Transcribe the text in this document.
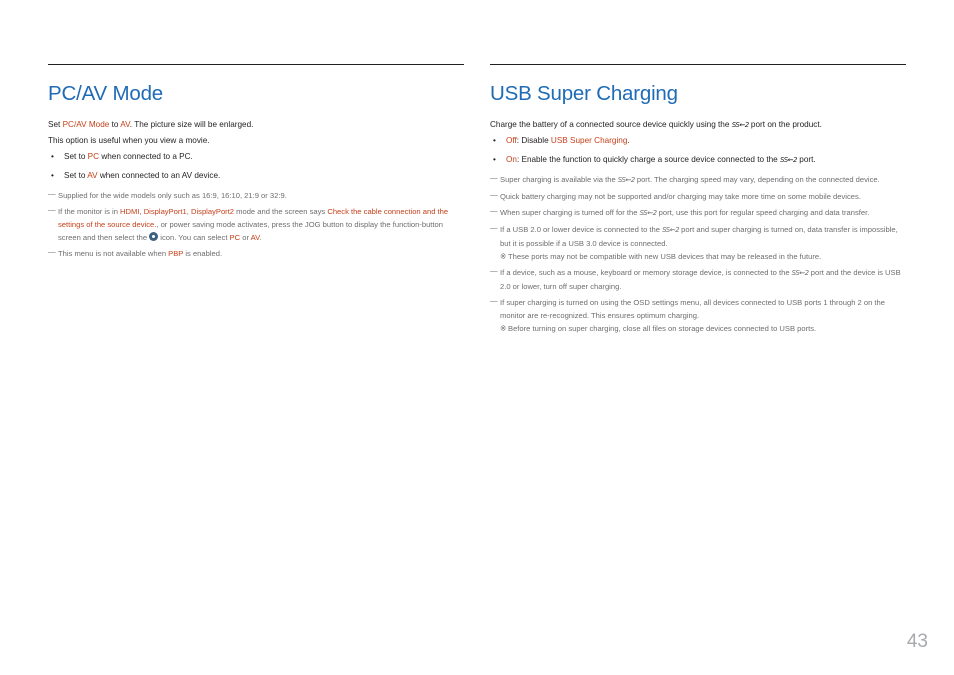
PC/AV Mode
Set PC/AV Mode to AV. The picture size will be enlarged.
This option is useful when you view a movie.
• Set to PC when connected to a PC.
• Set to AV when connected to an AV device.
― Supplied for the wide models only such as 16:9, 16:10, 21:9 or 32:9.
― If the monitor is in HDMI, DisplayPort1, DisplayPort2 mode and the screen says Check the cable connection and the settings of the source device., or power saving mode activates, press the JOG button to display the function-button screen and then select the  icon. You can select PC or AV.
― This menu is not available when PBP is enabled.
USB Super Charging
Charge the battery of a connected source device quickly using the SS⇜2 port on the product.
• Off: Disable USB Super Charging.
• On: Enable the function to quickly charge a source device connected to the SS⇜2 port.
― Super charging is available via the SS⇜2 port. The charging speed may vary, depending on the connected device.
― Quick battery charging may not be supported and/or charging may take more time on some mobile devices.
― When super charging is turned off for the SS⇜2 port, use this port for regular speed charging and data transfer.
― If a USB 2.0 or lower device is connected to the SS⇜2 port and super charging is turned on, data transfer is impossible, but it is possible if a USB 3.0 device is connected.
※ These ports may not be compatible with new USB devices that may be released in the future.
― If a device, such as a mouse, keyboard or memory storage device, is connected to the SS⇜2 port and the device is USB 2.0 or lower, turn off super charging.
― If super charging is turned on using the OSD settings menu, all devices connected to USB ports 1 through 2 on the monitor are re-recognized. This ensures optimum charging.
※ Before turning on super charging, close all files on storage devices connected to USB ports.
43
